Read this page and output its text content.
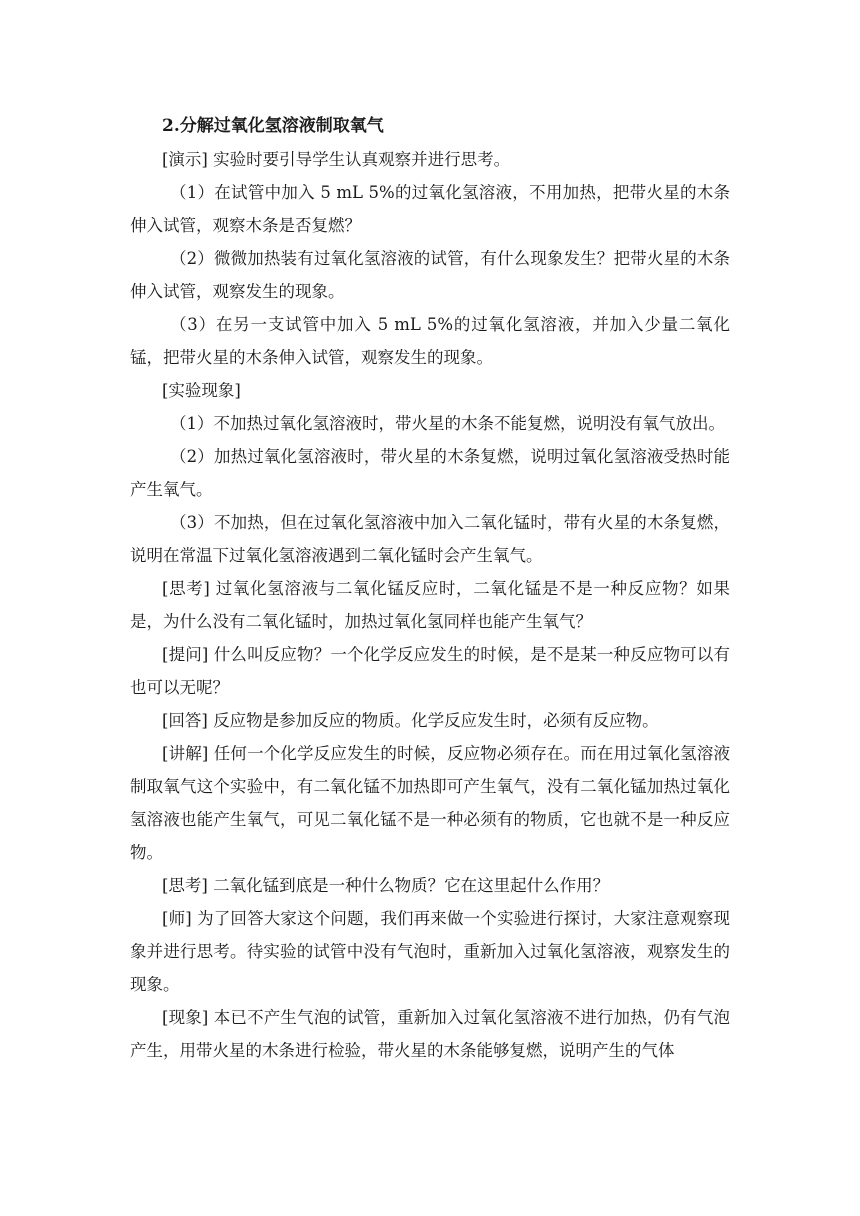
2.分解过氧化氢溶液制取氧气

[演示] 实验时要引导学生认真观察并进行思考。

（1）在试管中加入 5 mL 5%的过氧化氢溶液，不用加热，把带火星的木条伸入试管，观察木条是否复燃？

（2）微微加热装有过氧化氢溶液的试管，有什么现象发生？把带火星的木条伸入试管，观察发生的现象。

（3）在另一支试管中加入 5 mL 5%的过氧化氢溶液，并加入少量二氧化锰，把带火星的木条伸入试管，观察发生的现象。

[实验现象]

（1）不加热过氧化氢溶液时，带火星的木条不能复燃，说明没有氧气放出。

（2）加热过氧化氢溶液时，带火星的木条复燃，说明过氧化氢溶液受热时能产生氧气。

（3）不加热，但在过氧化氢溶液中加入二氧化锰时，带有火星的木条复燃，说明在常温下过氧化氢溶液遇到二氧化锰时会产生氧气。

[思考] 过氧化氢溶液与二氧化锰反应时，二氧化锰是不是一种反应物？如果是，为什么没有二氧化锰时，加热过氧化氢同样也能产生氧气？

[提问] 什么叫反应物？一个化学反应发生的时候，是不是某一种反应物可以有也可以无呢？

[回答] 反应物是参加反应的物质。化学反应发生时，必须有反应物。

[讲解] 任何一个化学反应发生的时候，反应物必须存在。而在用过氧化氢溶液制取氧气这个实验中，有二氧化锰不加热即可产生氧气，没有二氧化锰加热过氧化氢溶液也能产生氧气，可见二氧化锰不是一种必须有的物质，它也就不是一种反应物。

[思考] 二氧化锰到底是一种什么物质？它在这里起什么作用？

[师] 为了回答大家这个问题，我们再来做一个实验进行探讨，大家注意观察现象并进行思考。待实验的试管中没有气泡时，重新加入过氧化氢溶液，观察发生的现象。

[现象] 本已不产生气泡的试管，重新加入过氧化氢溶液不进行加热，仍有气泡产生，用带火星的木条进行检验，带火星的木条能够复燃，说明产生的气体
